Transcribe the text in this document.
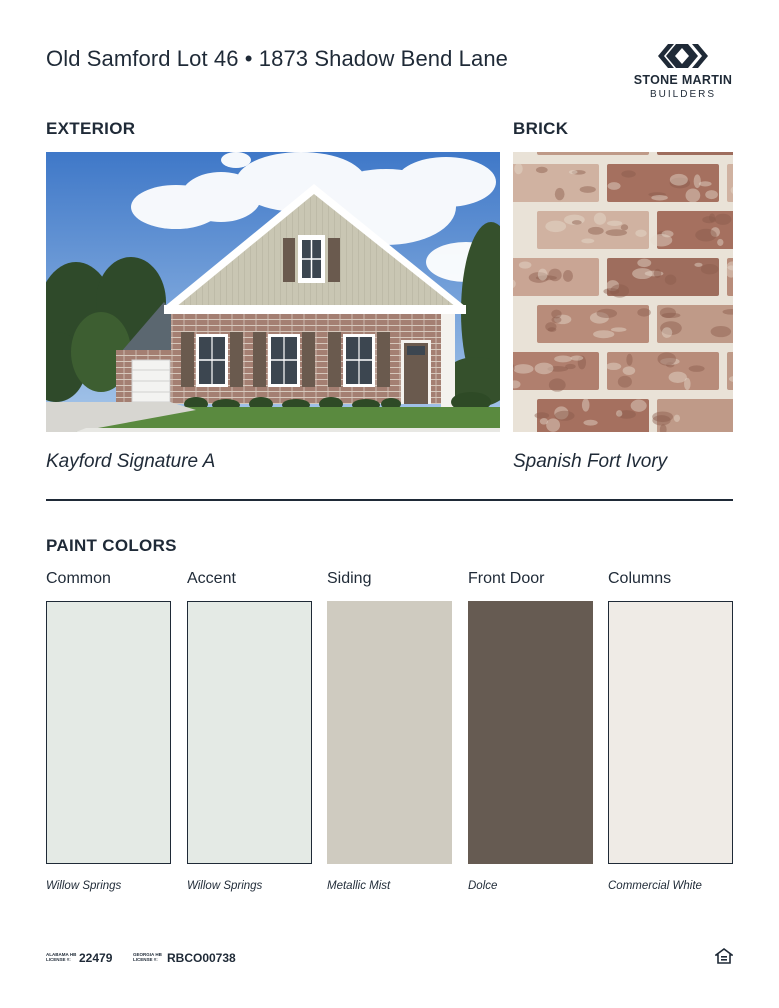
Old Samford Lot 46 • 1873 Shadow Bend Lane
STONE MARTIN
BUILDERS
EXTERIOR	BRICK
Kayford Signature A	Spanish Fort Ivory
PAINT COLORS
Common	Accent	Siding	Front Door	Columns
Willow Springs	Willow Springs	Metallic Mist	Dolce	Commercial White
ALABAMA HB
LICENSE #: 22479	GEORGIA HB
LICENSE #: RBCO00738
